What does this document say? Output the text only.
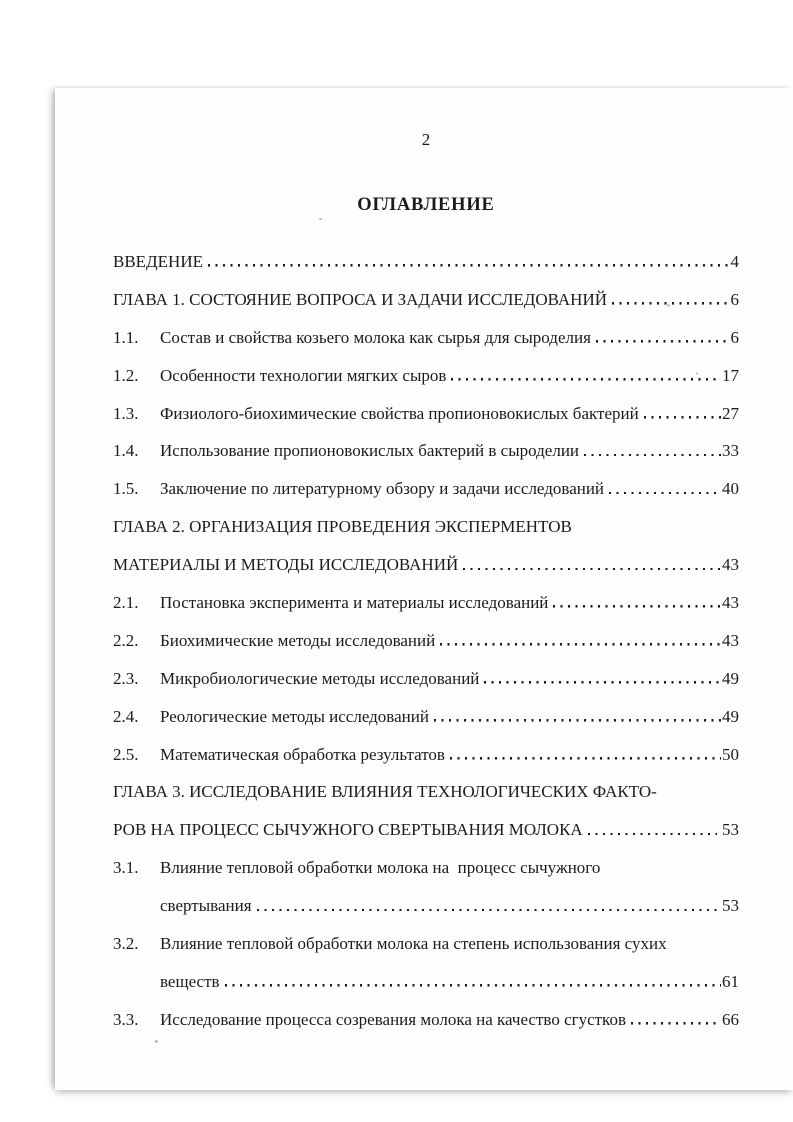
2
ОГЛАВЛЕНИЕ
ВВЕДЕНИЕ	4
ГЛАВА 1. СОСТОЯНИЕ ВОПРОСА И ЗАДАЧИ ИССЛЕДОВАНИЙ	6
1.1.	Состав и свойства козьего молока как сырья для сыроделия	6
1.2.	Особенности технологии мягких сыров	17
1.3.	Физиолого-биохимические свойства пропионовокислых бактерий	27
1.4.	Использование пропионовокислых бактерий в сыроделии	33
1.5.	Заключение по литературному обзору и задачи исследований	40
ГЛАВА 2. ОРГАНИЗАЦИЯ ПРОВЕДЕНИЯ ЭКСПЕРМЕНТОВ
МАТЕРИАЛЫ И МЕТОДЫ ИССЛЕДОВАНИЙ	43
2.1.	Постановка эксперимента и материалы исследований	43
2.2.	Биохимические методы исследований	43
2.3.	Микробиологические методы исследований	49
2.4.	Реологические методы исследований	49
2.5.	Математическая обработка результатов	50
ГЛАВА 3. ИССЛЕДОВАНИЕ ВЛИЯНИЯ ТЕХНОЛОГИЧЕСКИХ ФАКТО-
РОВ НА ПРОЦЕСС СЫЧУЖНОГО СВЕРТЫВАНИЯ МОЛОКА	53
3.1.	Влияние тепловой обработки молока на  процесс сычужного
свертывания	53
3.2.	Влияние тепловой обработки молока на степень использования сухих
веществ	61
3.3.	Исследование процесса созревания молока на качество сгустков	66
